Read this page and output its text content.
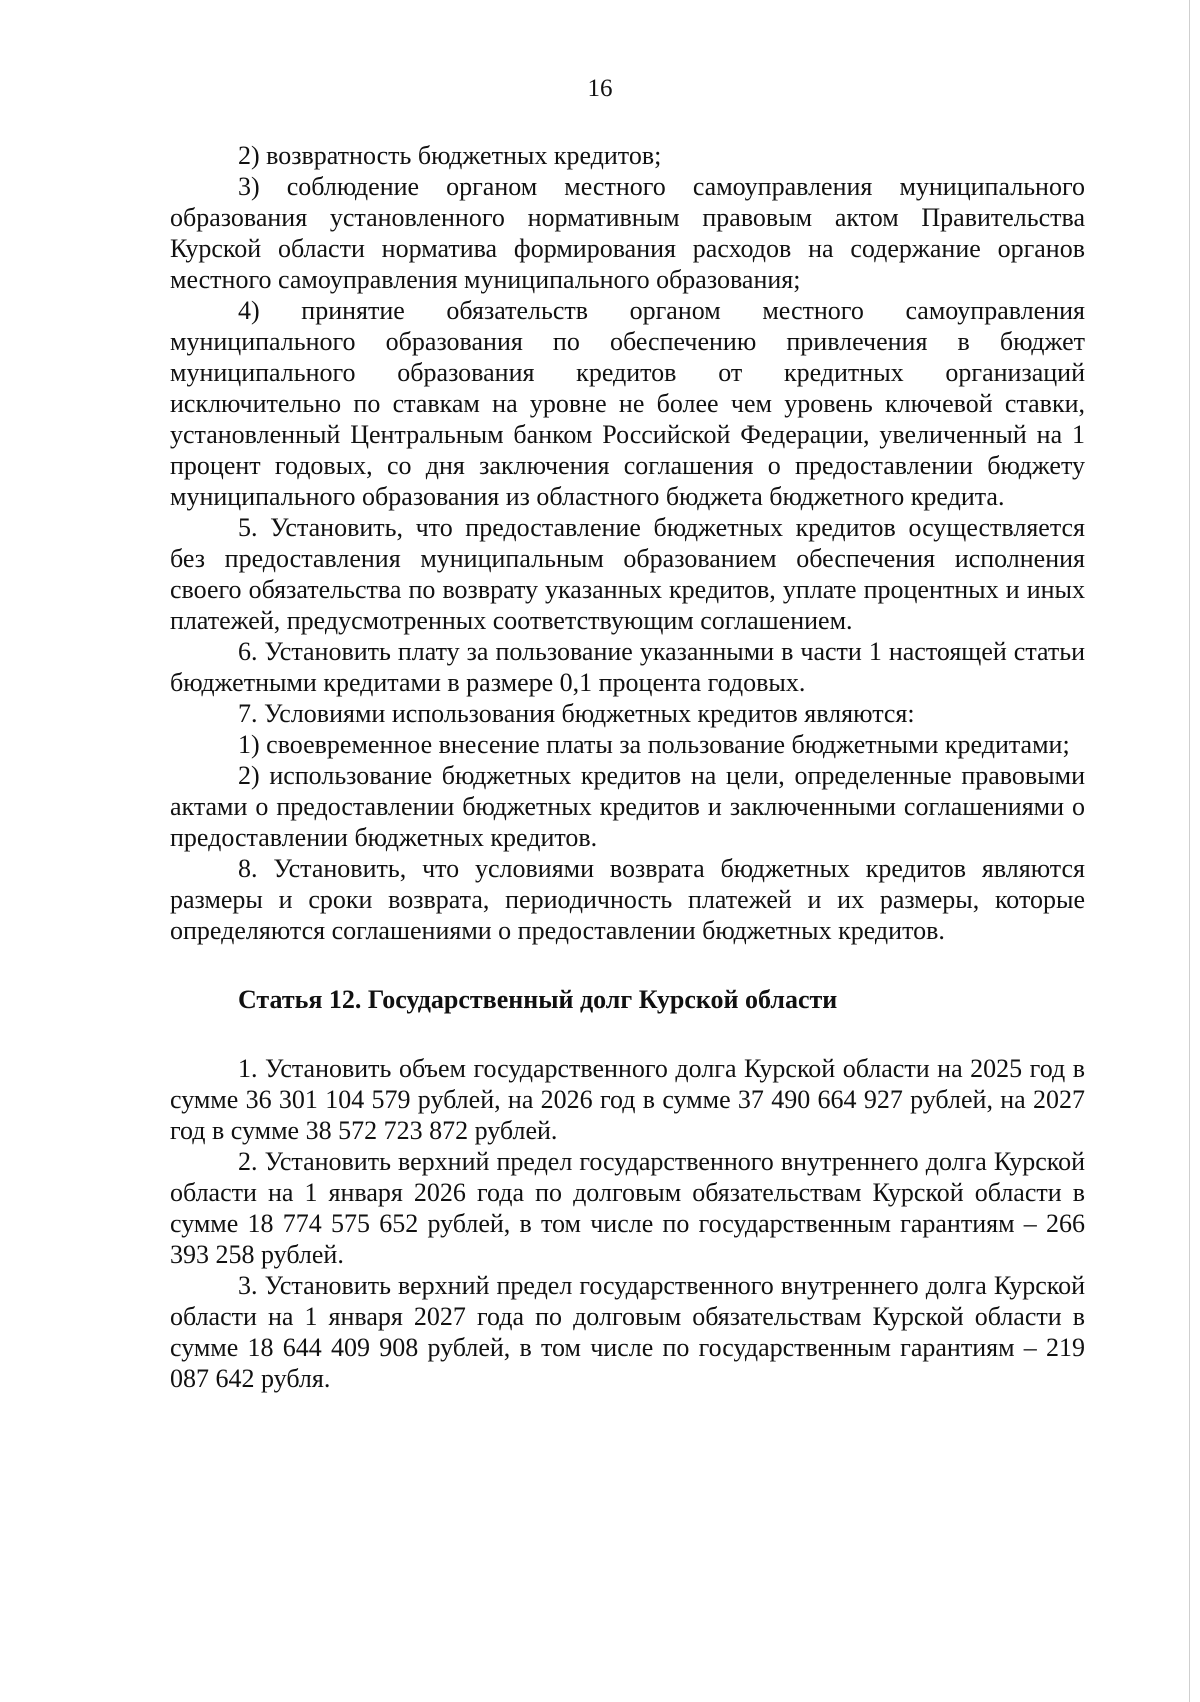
16

2) возвратность бюджетных кредитов;

3) соблюдение органом местного самоуправления муниципального образования установленного нормативным правовым актом Правительства Курской области норматива формирования расходов на содержание органов местного самоуправления муниципального образования;

4) принятие обязательств органом местного самоуправления муниципального образования по обеспечению привлечения в бюджет муниципального образования кредитов от кредитных организаций исключительно по ставкам на уровне не более чем уровень ключевой ставки, установленный Центральным банком Российской Федерации, увеличенный на 1 процент годовых, со дня заключения соглашения о предоставлении бюджету муниципального образования из областного бюджета бюджетного кредита.

5. Установить, что предоставление бюджетных кредитов осуществляется без предоставления муниципальным образованием обеспечения исполнения своего обязательства по возврату указанных кредитов, уплате процентных и иных платежей, предусмотренных соответствующим соглашением.

6. Установить плату за пользование указанными в части 1 настоящей статьи бюджетными кредитами в размере 0,1 процента годовых.

7. Условиями использования бюджетных кредитов являются:

1) своевременное внесение платы за пользование бюджетными кредитами;

2) использование бюджетных кредитов на цели, определенные правовыми актами о предоставлении бюджетных кредитов и заключенными соглашениями о предоставлении бюджетных кредитов.

8. Установить, что условиями возврата бюджетных кредитов являются размеры и сроки возврата, периодичность платежей и их размеры, которые определяются соглашениями о предоставлении бюджетных кредитов.

Статья 12. Государственный долг Курской области

1. Установить объем государственного долга Курской области на 2025 год в сумме 36 301 104 579 рублей, на 2026 год в сумме 37 490 664 927 рублей, на 2027 год в сумме 38 572 723 872 рублей.

2. Установить верхний предел государственного внутреннего долга Курской области на 1 января 2026 года по долговым обязательствам Курской области в сумме 18 774 575 652 рублей, в том числе по государственным гарантиям – 266 393 258 рублей.

3. Установить верхний предел государственного внутреннего долга Курской области на 1 января 2027 года по долговым обязательствам Курской области в сумме 18 644 409 908 рублей, в том числе по государственным гарантиям – 219 087 642 рубля.
